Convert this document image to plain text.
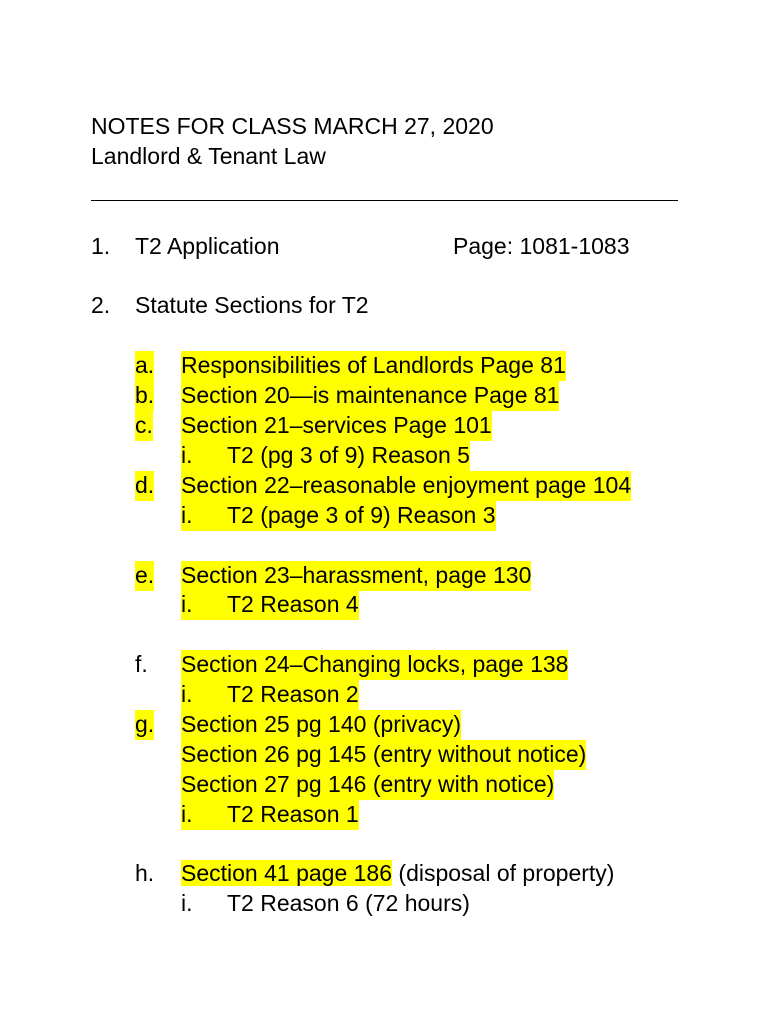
NOTES FOR CLASS MARCH 27, 2020
Landlord & Tenant Law
1. T2 Application	Page: 1081-1083
2. Statute Sections for T2
a. Responsibilities of Landlords Page 81
b. Section 20—is maintenance Page 81
c. Section 21–services Page 101
i.	T2 (pg 3 of 9) Reason 5
d. Section 22–reasonable enjoyment page 104
i.	T2 (page 3 of 9) Reason 3
e. Section 23–harassment, page 130
i.	T2 Reason 4
f. Section 24–Changing locks, page 138
i.	T2 Reason 2
g. Section 25 pg 140 (privacy)
Section 26 pg 145 (entry without notice)
Section 27 pg 146 (entry with notice)
i.	T2 Reason 1
h. Section 41 page 186 (disposal of property)
i. T2 Reason 6 (72 hours)
